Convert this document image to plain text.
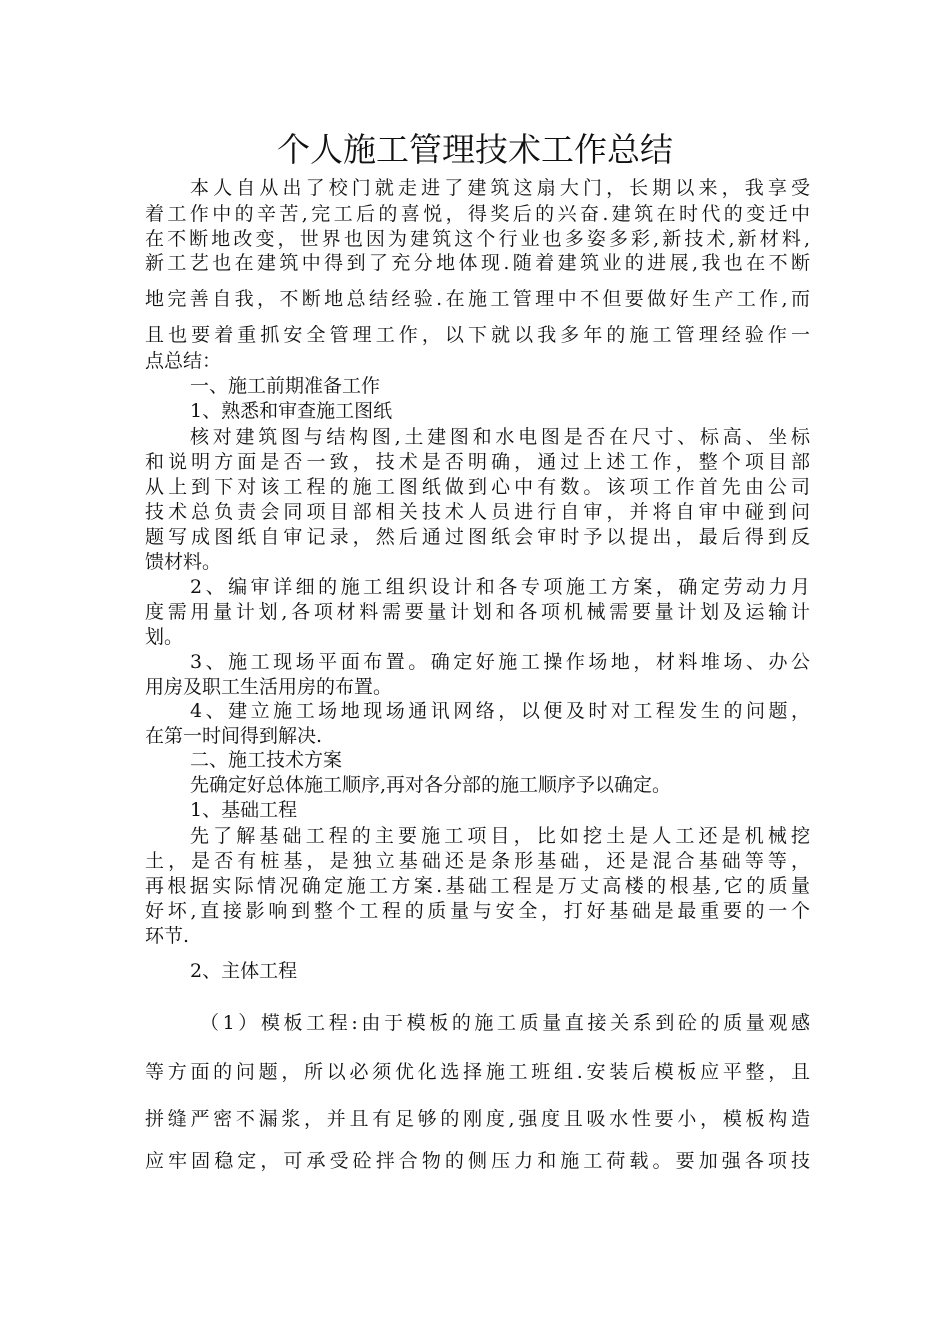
个人施工管理技术工作总结
本人自从出了校门就走进了建筑这扇大门，长期以来，我享受
着工作中的辛苦,完工后的喜悦，得奖后的兴奋.建筑在时代的变迁中
在不断地改变，世界也因为建筑这个行业也多姿多彩,新技术,新材料,
新工艺也在建筑中得到了充分地体现.随着建筑业的进展,我也在不断
地完善自我，不断地总结经验.在施工管理中不但要做好生产工作,而
且也要着重抓安全管理工作，以下就以我多年的施工管理经验作一
点总结：
一、施工前期准备工作
1、熟悉和审查施工图纸
核对建筑图与结构图,土建图和水电图是否在尺寸、标高、坐标
和说明方面是否一致，技术是否明确，通过上述工作，整个项目部
从上到下对该工程的施工图纸做到心中有数。该项工作首先由公司
技术总负责会同项目部相关技术人员进行自审，并将自审中碰到问
题写成图纸自审记录，然后通过图纸会审时予以提出，最后得到反
馈材料。
2、编审详细的施工组织设计和各专项施工方案，确定劳动力月
度需用量计划,各项材料需要量计划和各项机械需要量计划及运输计
划。
3、施工现场平面布置。确定好施工操作场地，材料堆场、办公
用房及职工生活用房的布置。
4、建立施工场地现场通讯网络，以便及时对工程发生的问题，
在第一时间得到解决.
二、施工技术方案
先确定好总体施工顺序,再对各分部的施工顺序予以确定。
1、基础工程
先了解基础工程的主要施工项目，比如挖土是人工还是机械挖
土，是否有桩基，是独立基础还是条形基础，还是混合基础等等，
再根据实际情况确定施工方案.基础工程是万丈高楼的根基,它的质量
好坏,直接影响到整个工程的质量与安全，打好基础是最重要的一个
环节.
2、主体工程
（1）模板工程:由于模板的施工质量直接关系到砼的质量观感
等方面的问题，所以必须优化选择施工班组.安装后模板应平整，且
拼缝严密不漏浆，并且有足够的刚度,强度且吸水性要小，模板构造
应牢固稳定，可承受砼拌合物的侧压力和施工荷载。要加强各项技
